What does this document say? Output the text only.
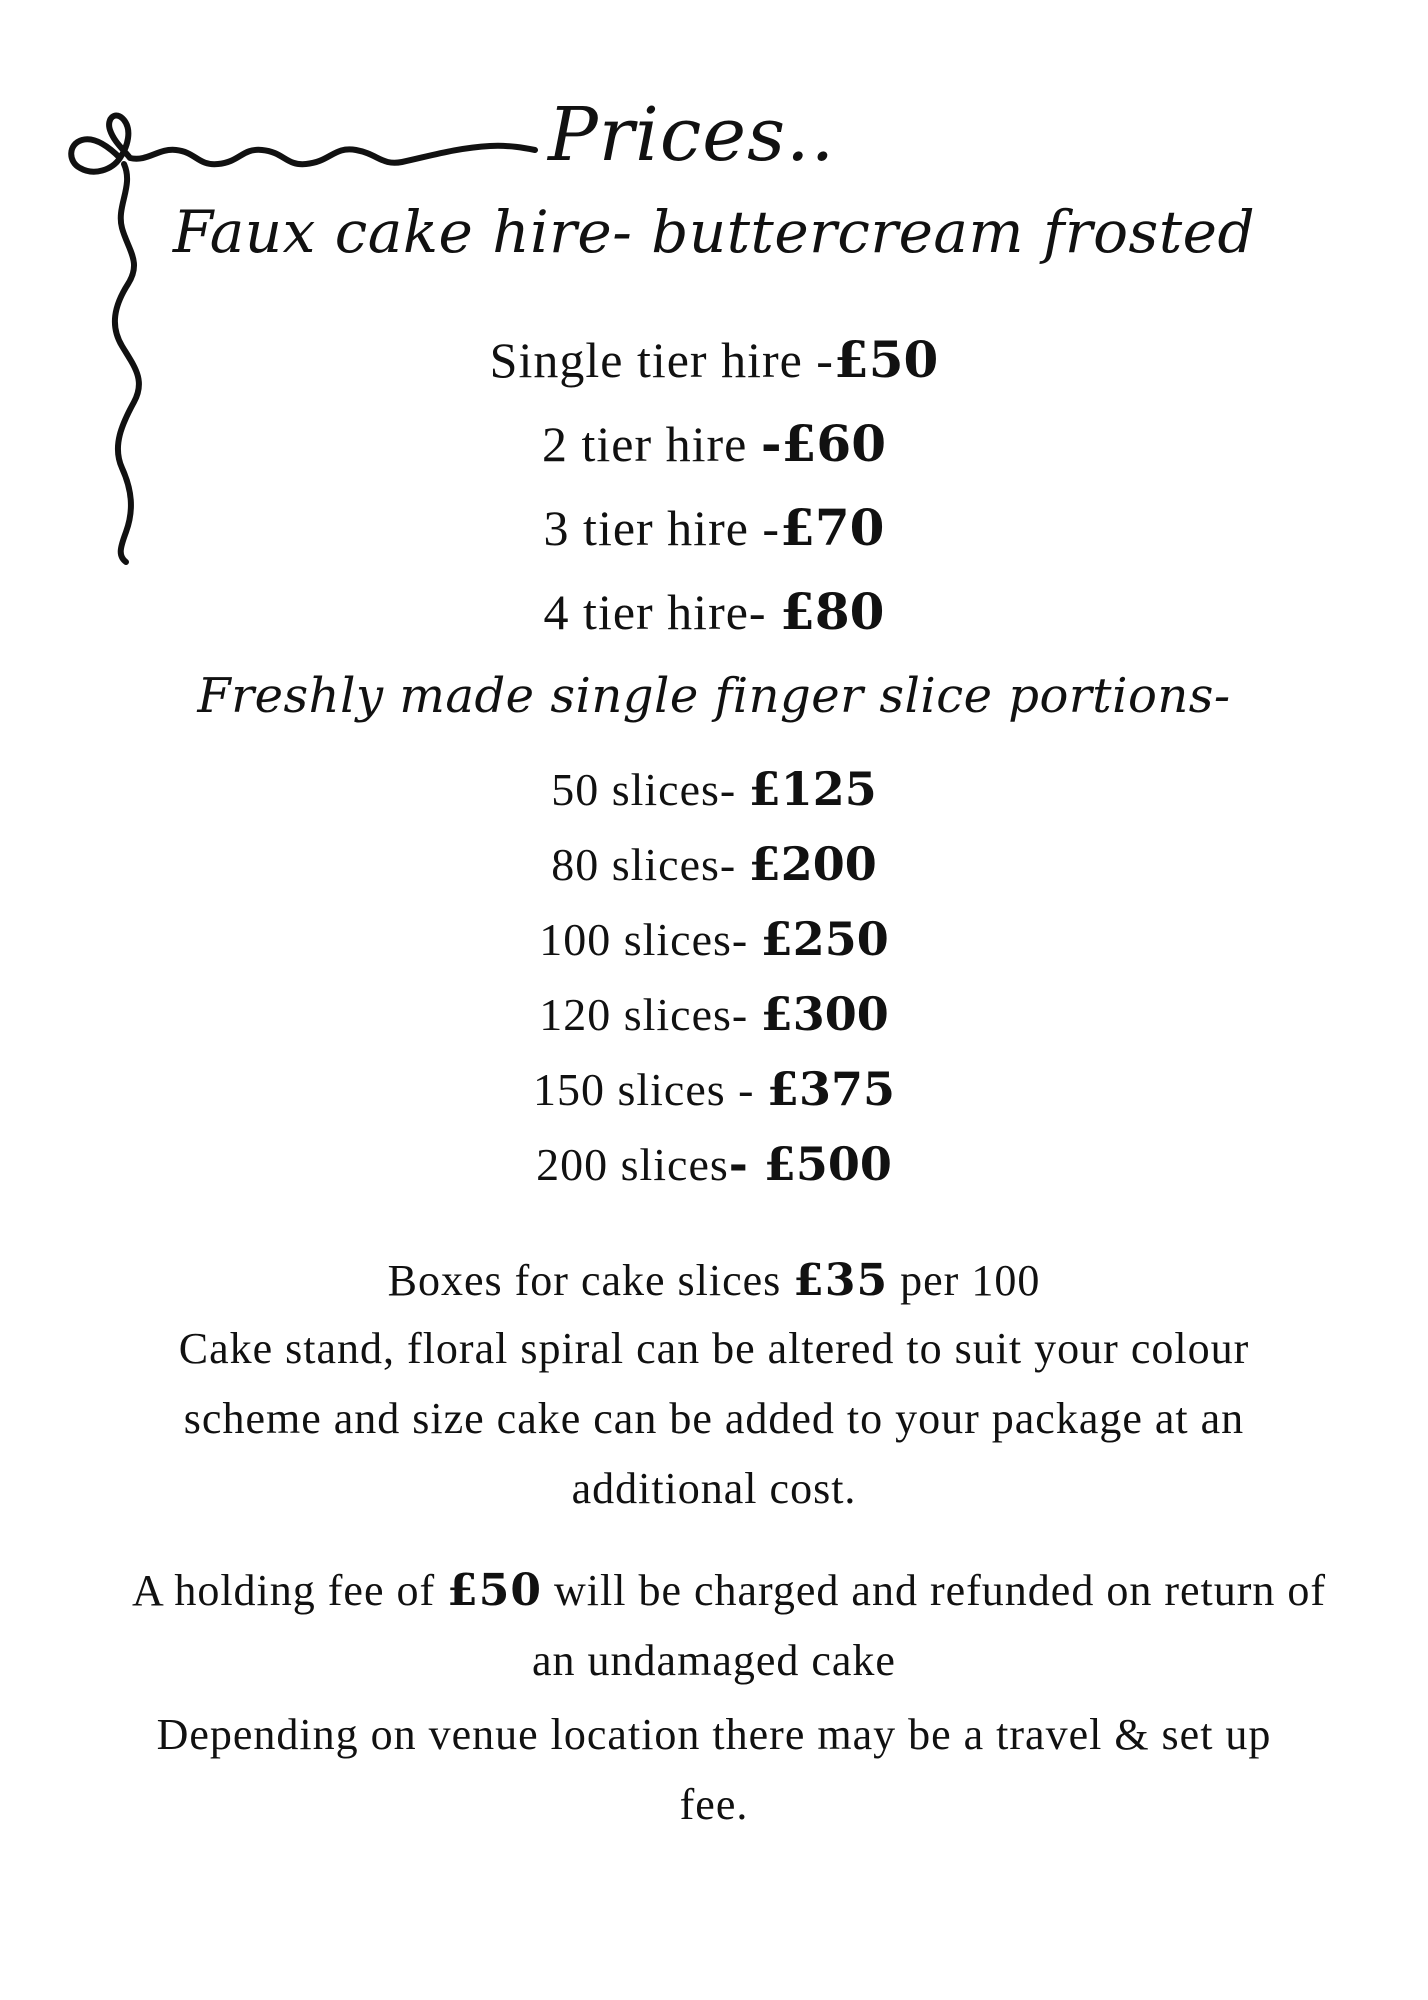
Prices..
Faux cake hire- buttercream frosted
Single tier hire -£50
2 tier hire -£60
3 tier hire -£70
4 tier hire- £80
Freshly made single finger slice portions-
50 slices- £125
80 slices- £200
100 slices- £250
120 slices- £300
150 slices - £375
200 slices- £500

Boxes for cake slices £35 per 100

Cake stand, floral spiral can be altered to suit your colour

scheme and size cake can be added to your package at an

additional cost.

A holding fee of £50 will be charged and refunded on return of

an undamaged cake

Depending on venue location there may be a travel & set up

fee.
